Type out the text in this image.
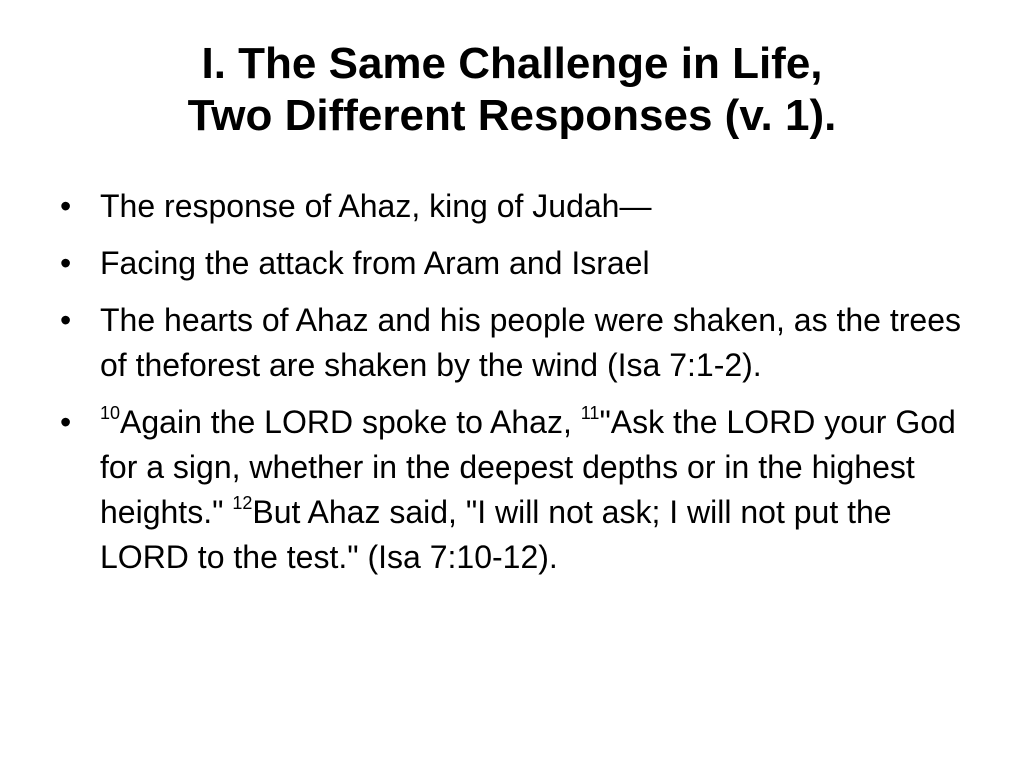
I. The Same Challenge in Life,
Two Different Responses (v. 1).
• The response of Ahaz, king of Judah—
• Facing the attack from Aram and Israel
• The hearts of Ahaz and his people were shaken, as the trees of theforest are shaken by the wind (Isa 7:1-2).
• $^{10}$Again the LORD spoke to Ahaz, $^{11}$"Ask the LORD your God for a sign, whether in the deepest depths or in the highest heights." $^{12}$But Ahaz said, "I will not ask; I will not put the LORD to the test." (Isa 7:10-12).
